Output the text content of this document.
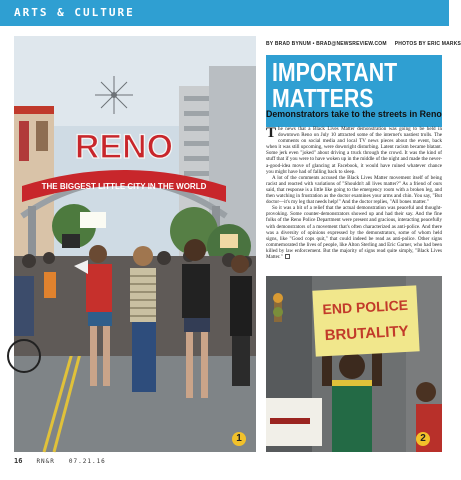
ARTS & CULTURE
RENO
THE BIGGEST LITTLE CITY IN THE WORLD
1
BY BRAD BYNUM • BRAD@NEWSREVIEW.COM PHOTOS BY ERIC MARKS
IMPORTANT
MATTERS
Demonstrators take to the streets in Reno

The news that a Black Lives Matter demonstration was going to be held in downtown Reno on July 10 attracted some of the internet's nastiest trolls. The comments on social media and local TV news pieces about the event, back when it was still upcoming, were downright disturbing. Latent racism became blatant. Some jerk even "joked" about driving a truck through the crowd. It was the kind of stuff that if you were to have woken up in the middle of the night and made the never-a-good-idea move of glancing at Facebook, it would have ruined whatever chance you might have had of falling back to sleep.

A lot of the comments accused the Black Lives Matter movement itself of being racist and reacted with variations of "Shouldn't all lives matter?" As a friend of ours said, that response is a little like going to the emergency room with a broken leg, and then watching in frustration as the doctor examines your arms and chin. You say, "But doctor—it's my leg that needs help!" And the doctor replies, "All bones matter."

So it was a bit of a relief that the actual demonstration was peaceful and thought-provoking. Some counter-demonstrators showed up and had their say. And the fine folks of the Reno Police Department were present and gracious, interacting peacefully with demonstrators of a movement that's often characterized as anti-police. And there was a diversity of opinions expressed by the demonstrators, some of whom held signs, like "Good cops quit," that could indeed be read as anti-police. Other signs commemorated the lives of people, like Alton Sterling and Eric Garner, who had been killed by law enforcement. But the majority of signs read quite simply, "Black Lives Matter."

END POLICE
BRUTALITY
2
16 RN&R 07.21.16
